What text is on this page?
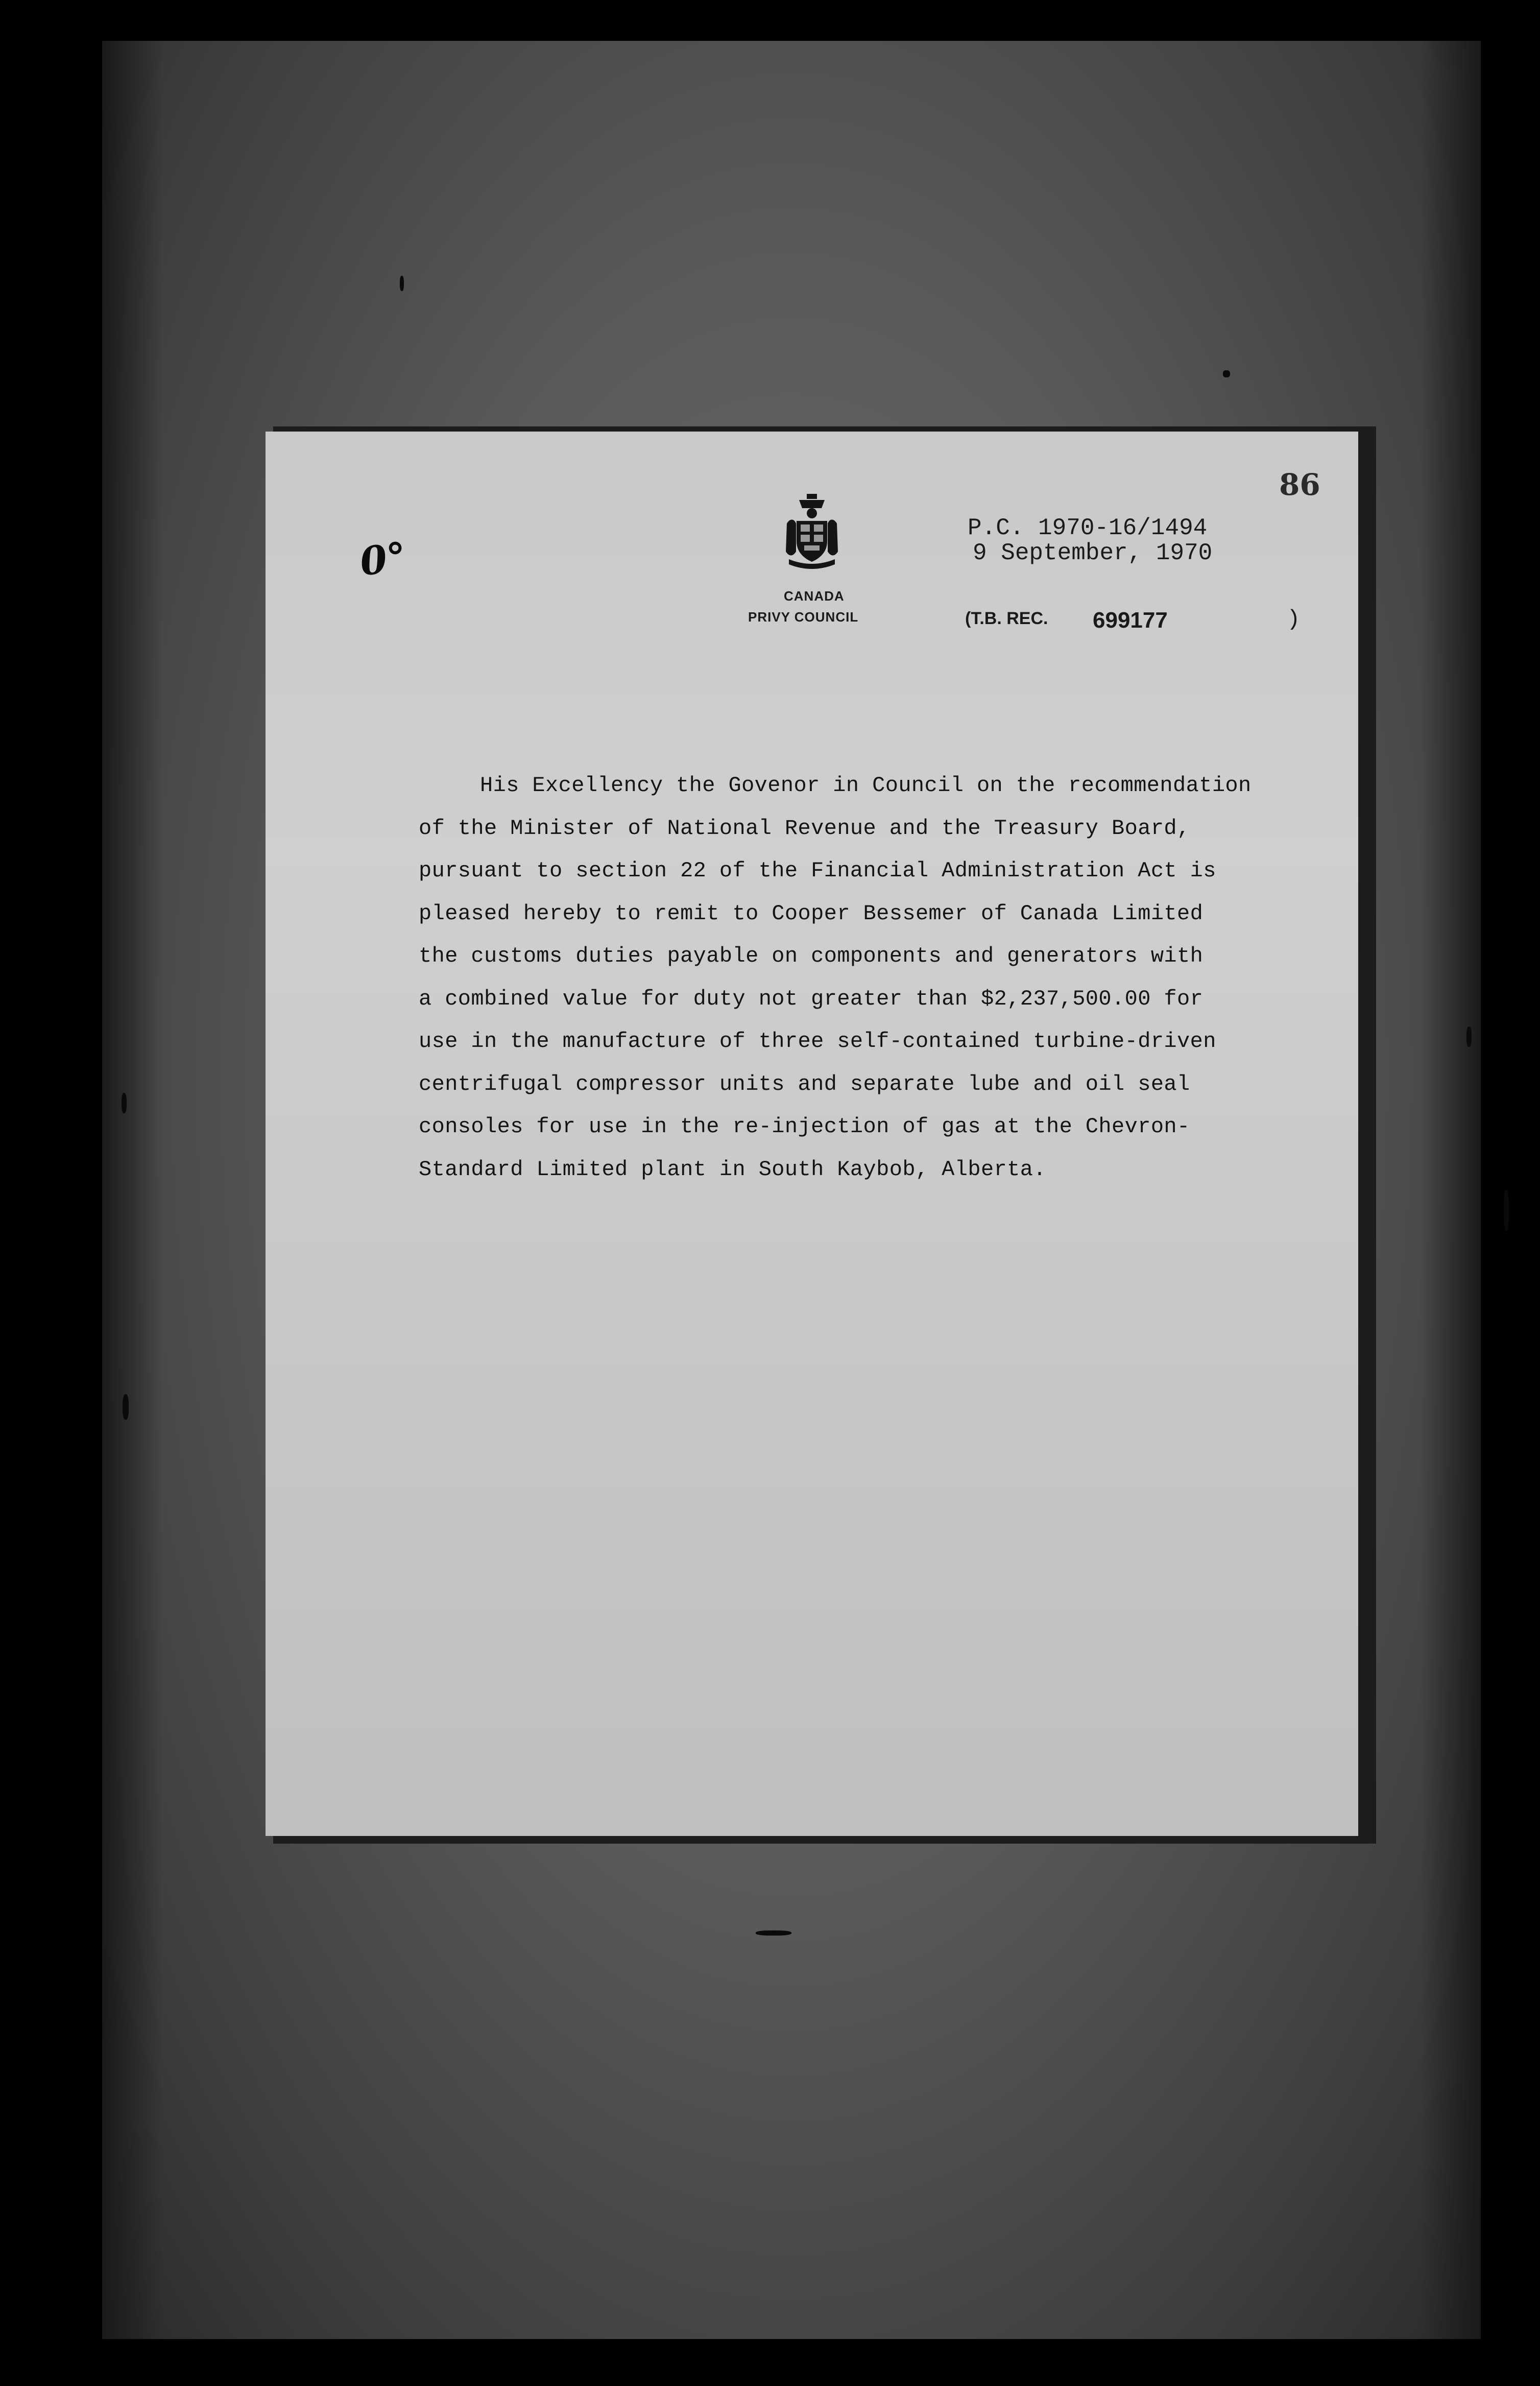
CANADA
PRIVY COUNCIL
P.C. 1970-16/1494
9 September, 1970
(T.B. REC. 699177	)
86
0°
His Excellency the Govenor in Council on the recommendation
of the Minister of National Revenue and the Treasury Board,
pursuant to section 22 of the Financial Administration Act is
pleased hereby to remit to Cooper Bessemer of Canada Limited
the customs duties payable on components and generators with
a combined value for duty not greater than $2,237,500.00 for
use in the manufacture of three self-contained turbine-driven
centrifugal compressor units and separate lube and oil seal
consoles for use in the re-injection of gas at the Chevron-
Standard Limited plant in South Kaybob, Alberta.
